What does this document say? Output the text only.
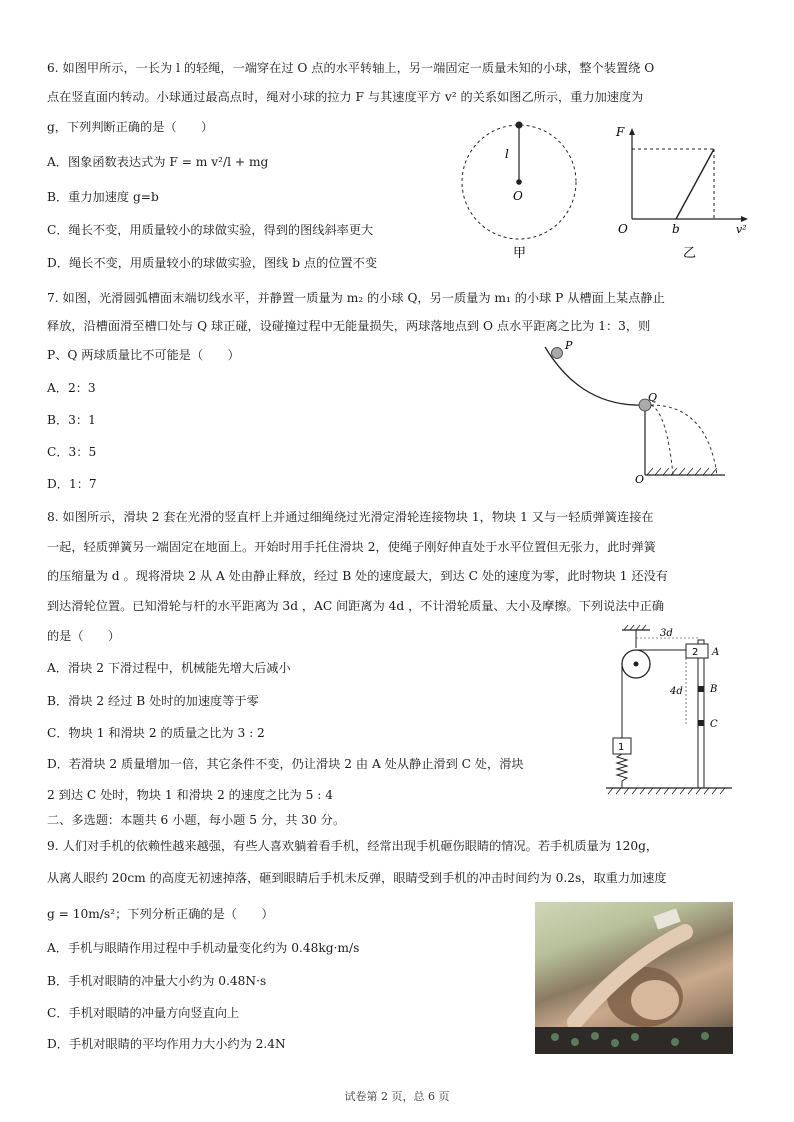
6. 如图甲所示，一长为 l 的轻绳，一端穿在过 O 点的水平转轴上，另一端固定一质量未知的小球，整个装置绕 O
点在竖直面内转动。小球通过最高点时，绳对小球的拉力 F 与其速度平方 v² 的关系如图乙所示，重力加速度为
g，下列判断正确的是（　　）
A．图象函数表达式为 F = m v²/l + mg
B．重力加速度 g=b
C．绳长不变，用质量较小的球做实验，得到的图线斜率更大
D．绳长不变，用质量较小的球做实验，图线 b 点的位置不变
l
O
甲
F
O	b	v²
乙
7. 如图，光滑圆弧槽面末端切线水平，并静置一质量为 m₂ 的小球 Q，另一质量为 m₁ 的小球 P 从槽面上某点静止
释放，沿槽面滑至槽口处与 Q 球正碰，设碰撞过程中无能量损失，两球落地点到 O 点水平距离之比为 1：3，则
P、Q 两球质量比不可能是（　　）
A．2：3
B．3：1
C．3：5
D．1：7
P
Q
O
8. 如图所示，滑块 2 套在光滑的竖直杆上并通过细绳绕过光滑定滑轮连接物块 1，物块 1 又与一轻质弹簧连接在
一起，轻质弹簧另一端固定在地面上。开始时用手托住滑块 2，使绳子刚好伸直处于水平位置但无张力，此时弹簧
的压缩量为 d 。现将滑块 2 从 A 处由静止释放，经过 B 处的速度最大，到达 C 处的速度为零，此时物块 1 还没有
到达滑轮位置。已知滑轮与杆的水平距离为 3d ，AC 间距离为 4d ，不计滑轮质量、大小及摩擦。下列说法中正确
的是（　　）
A．滑块 2 下滑过程中，机械能先增大后减小
B．滑块 2 经过 B 处时的加速度等于零
C．物块 1 和滑块 2 的质量之比为 3 : 2
D．若滑块 2 质量增加一倍，其它条件不变，仍让滑块 2 由 A 处从静止滑到 C 处，滑块
2 到达 C 处时，物块 1 和滑块 2 的速度之比为 5 : 4
2 A
B
C
3d
4d
1
二、多选题：本题共 6 小题，每小题 5 分，共 30 分。
9. 人们对手机的依赖性越来越强，有些人喜欢躺着看手机，经常出现手机砸伤眼睛的情况。若手机质量为 120g，
从离人眼约 20cm 的高度无初速掉落，砸到眼睛后手机未反弹，眼睛受到手机的冲击时间约为 0.2s，取重力加速度
g = 10m/s²；下列分析正确的是（　　）
A．手机与眼睛作用过程中手机动量变化约为 0.48kg·m/s
B．手机对眼睛的冲量大小约为 0.48N·s
C．手机对眼睛的冲量方向竖直向上
D．手机对眼睛的平均作用力大小约为 2.4N
试卷第 2 页，总 6 页
